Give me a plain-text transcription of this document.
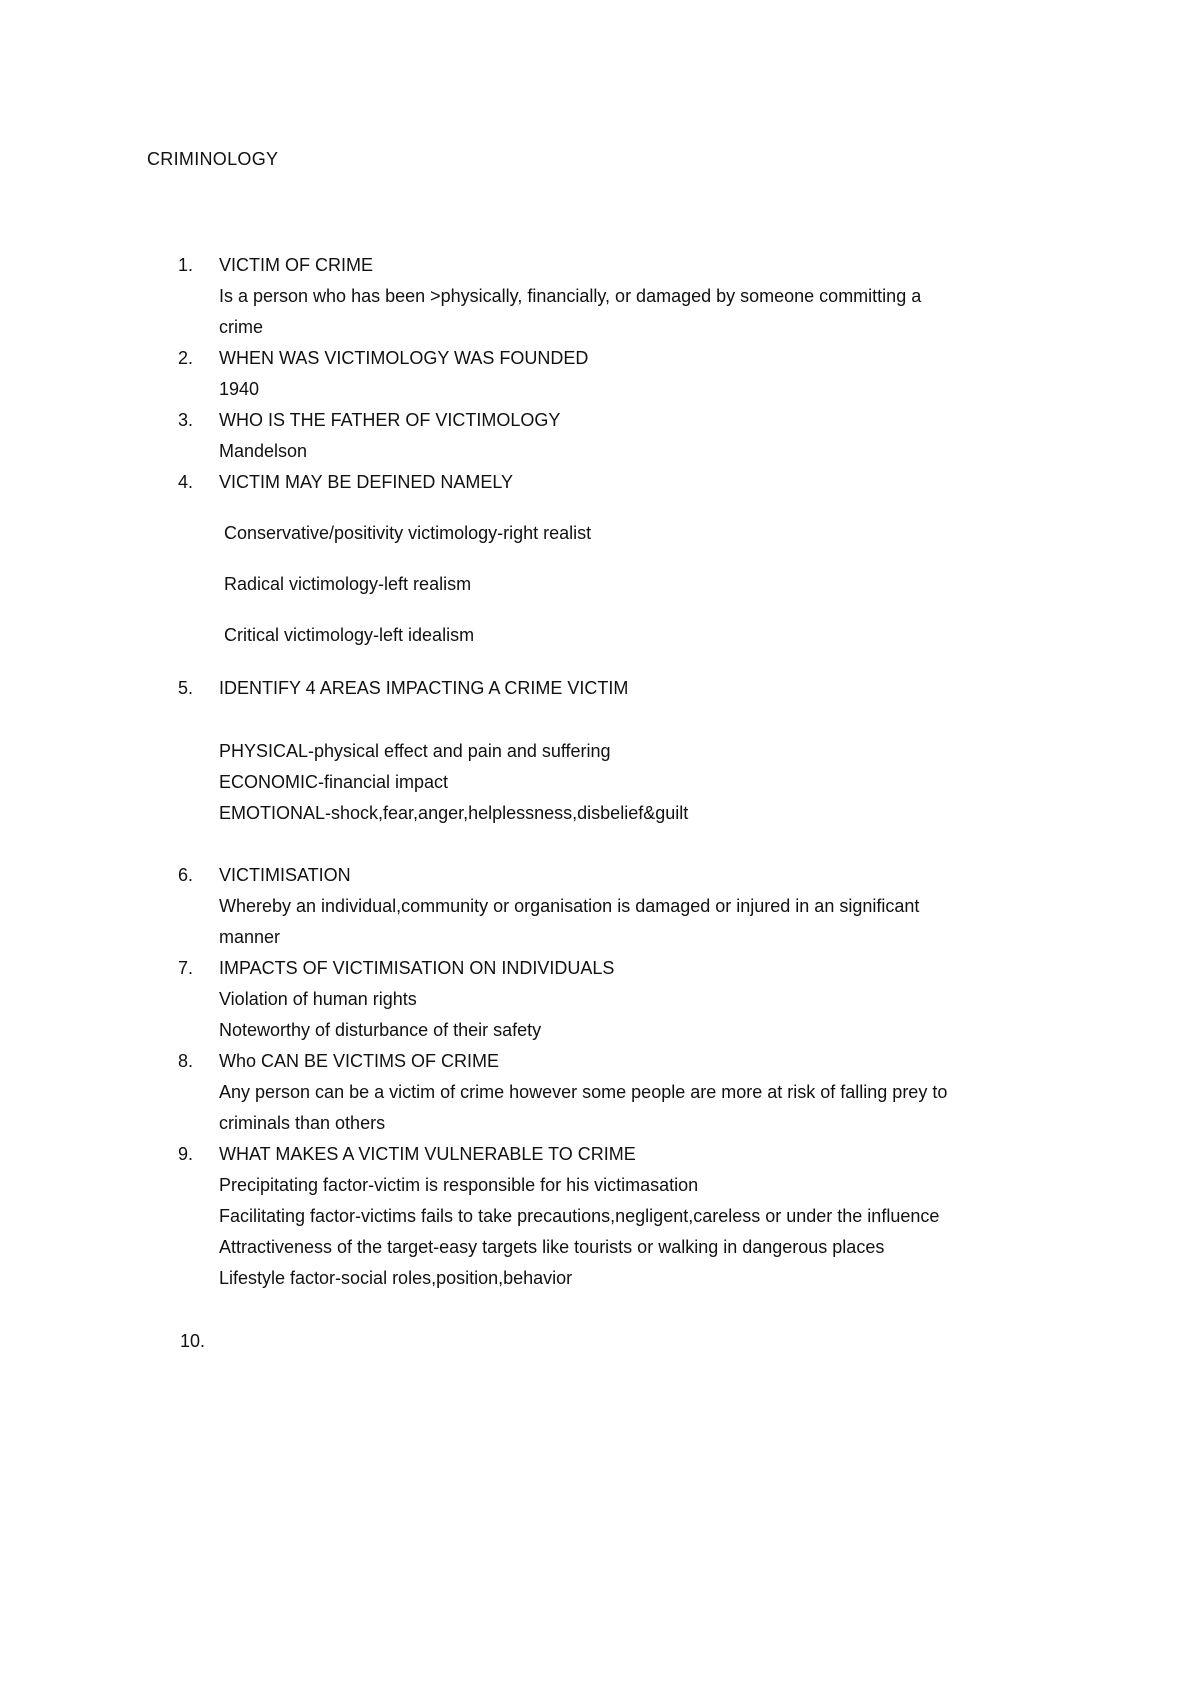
CRIMINOLOGY
1.	VICTIM OF CRIME
Is a person who has been >physically, financially, or damaged by someone committing a
crime
2.	WHEN WAS VICTIMOLOGY WAS FOUNDED
1940
3.	WHO IS THE FATHER OF VICTIMOLOGY
Mandelson
4.	VICTIM MAY BE DEFINED NAMELY
Conservative/positivity victimology-right realist
Radical victimology-left realism
Critical victimology-left idealism
5.	IDENTIFY 4 AREAS IMPACTING A CRIME VICTIM
PHYSICAL-physical effect and pain and suffering
ECONOMIC-financial impact
EMOTIONAL-shock,fear,anger,helplessness,disbelief&guilt
6.	VICTIMISATION
Whereby an individual,community or organisation is damaged or injured in an significant
manner
7.	IMPACTS OF VICTIMISATION ON INDIVIDUALS
Violation of human rights
Noteworthy of disturbance of their safety
8.	Who CAN BE VICTIMS OF CRIME
Any person can be a victim of crime however some people are more at risk of falling prey to
criminals than others
9.	WHAT MAKES A VICTIM VULNERABLE TO CRIME
Precipitating factor-victim is responsible for his victimasation
Facilitating factor-victims fails to take precautions,negligent,careless or under the influence
Attractiveness of the target-easy targets like tourists or walking in dangerous places
Lifestyle factor-social roles,position,behavior
10.
